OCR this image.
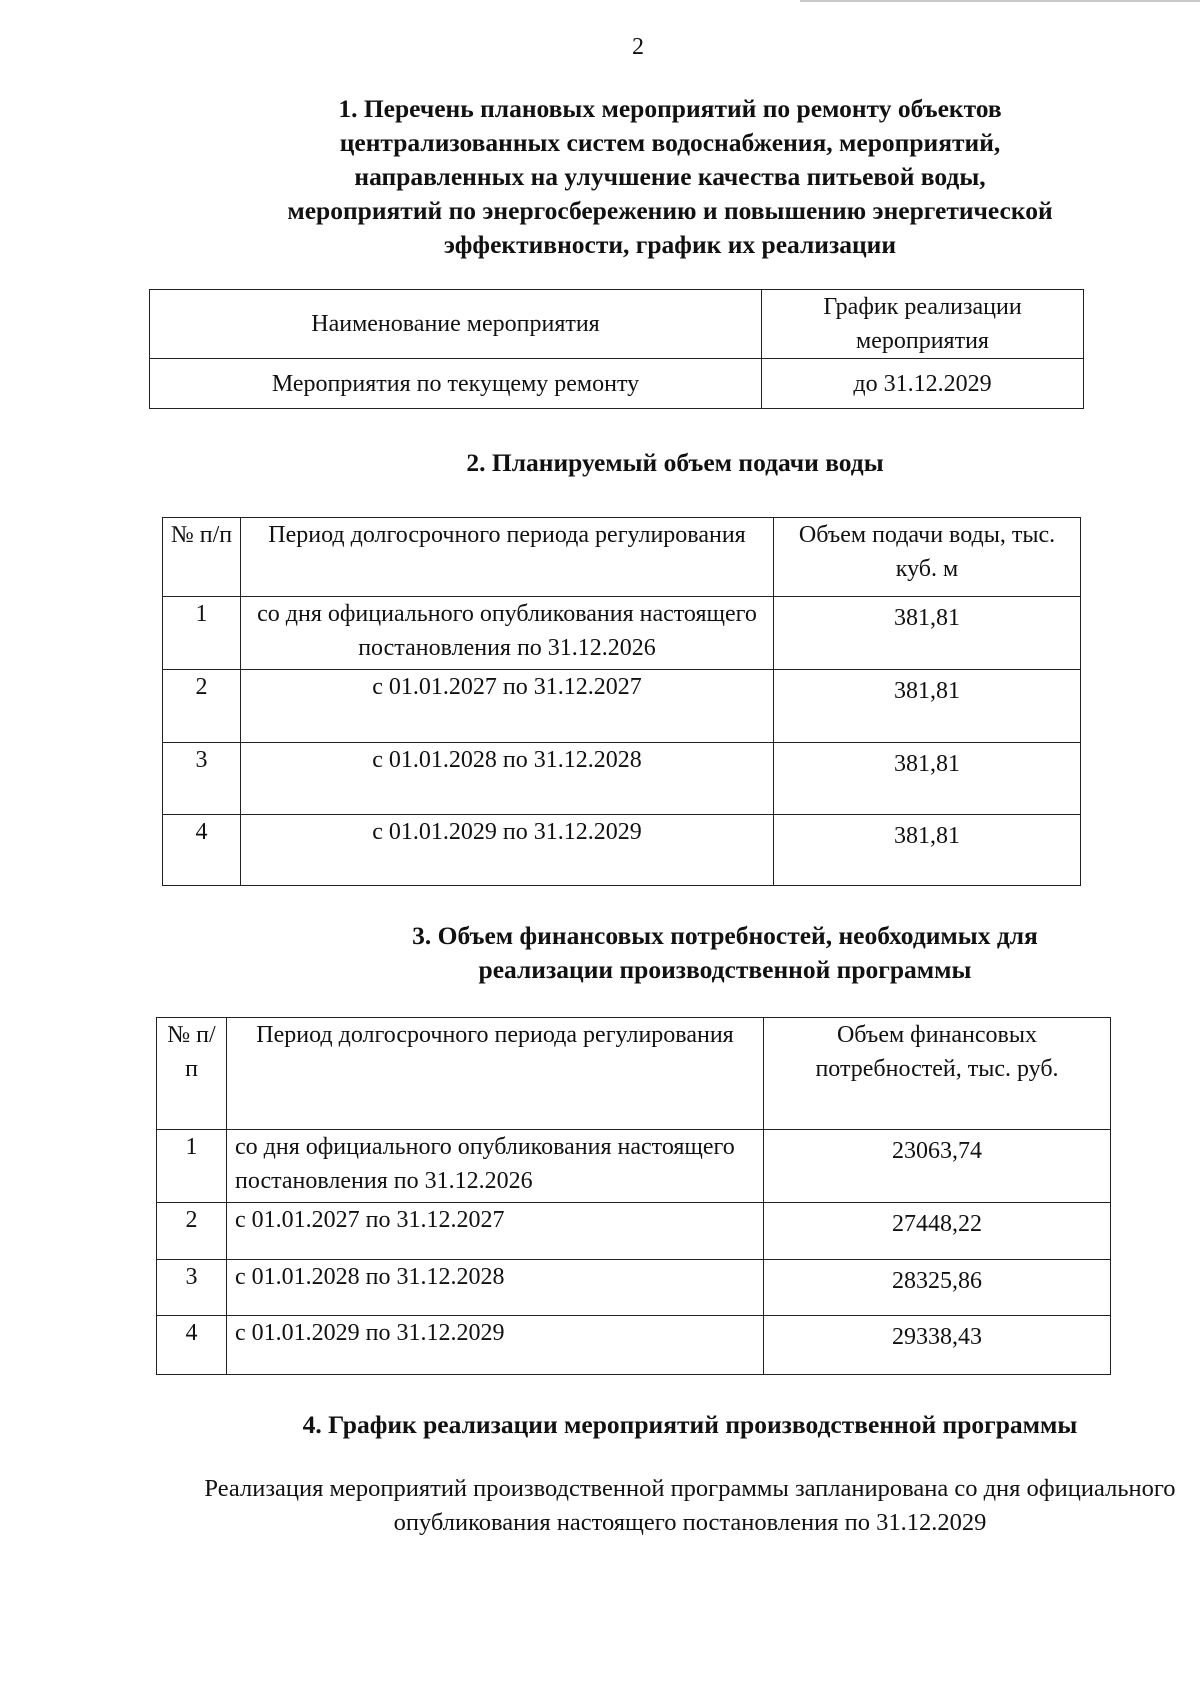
2
1. Перечень плановых мероприятий по ремонту объектов
централизованных систем водоснабжения, мероприятий,
направленных на улучшение качества питьевой воды,
мероприятий по энергосбережению и повышению энергетической
эффективности, график их реализации
Наименование мероприятия	График реализации мероприятия
Мероприятия по текущему ремонту	до 31.12.2029
2. Планируемый объем подачи воды
№ п/п	Период долгосрочного периода регулирования	Объем подачи воды, тыс. куб. м
1	со дня официального опубликования настоящего постановления по 31.12.2026	381,81
2	с 01.01.2027 по 31.12.2027	381,81
3	с 01.01.2028 по 31.12.2028	381,81
4	с 01.01.2029 по 31.12.2029	381,81
3. Объем финансовых потребностей, необходимых для
реализации производственной программы
№ п/п	Период долгосрочного периода регулирования	Объем финансовых потребностей, тыс. руб.
1	со дня официального опубликования настоящего постановления по 31.12.2026	23063,74
2	с 01.01.2027 по 31.12.2027	27448,22
3	с 01.01.2028 по 31.12.2028	28325,86
4	с 01.01.2029 по 31.12.2029	29338,43
4. График реализации мероприятий производственной программы

Реализация мероприятий производственной программы запланирована со дня официального опубликования настоящего постановления по 31.12.2029
